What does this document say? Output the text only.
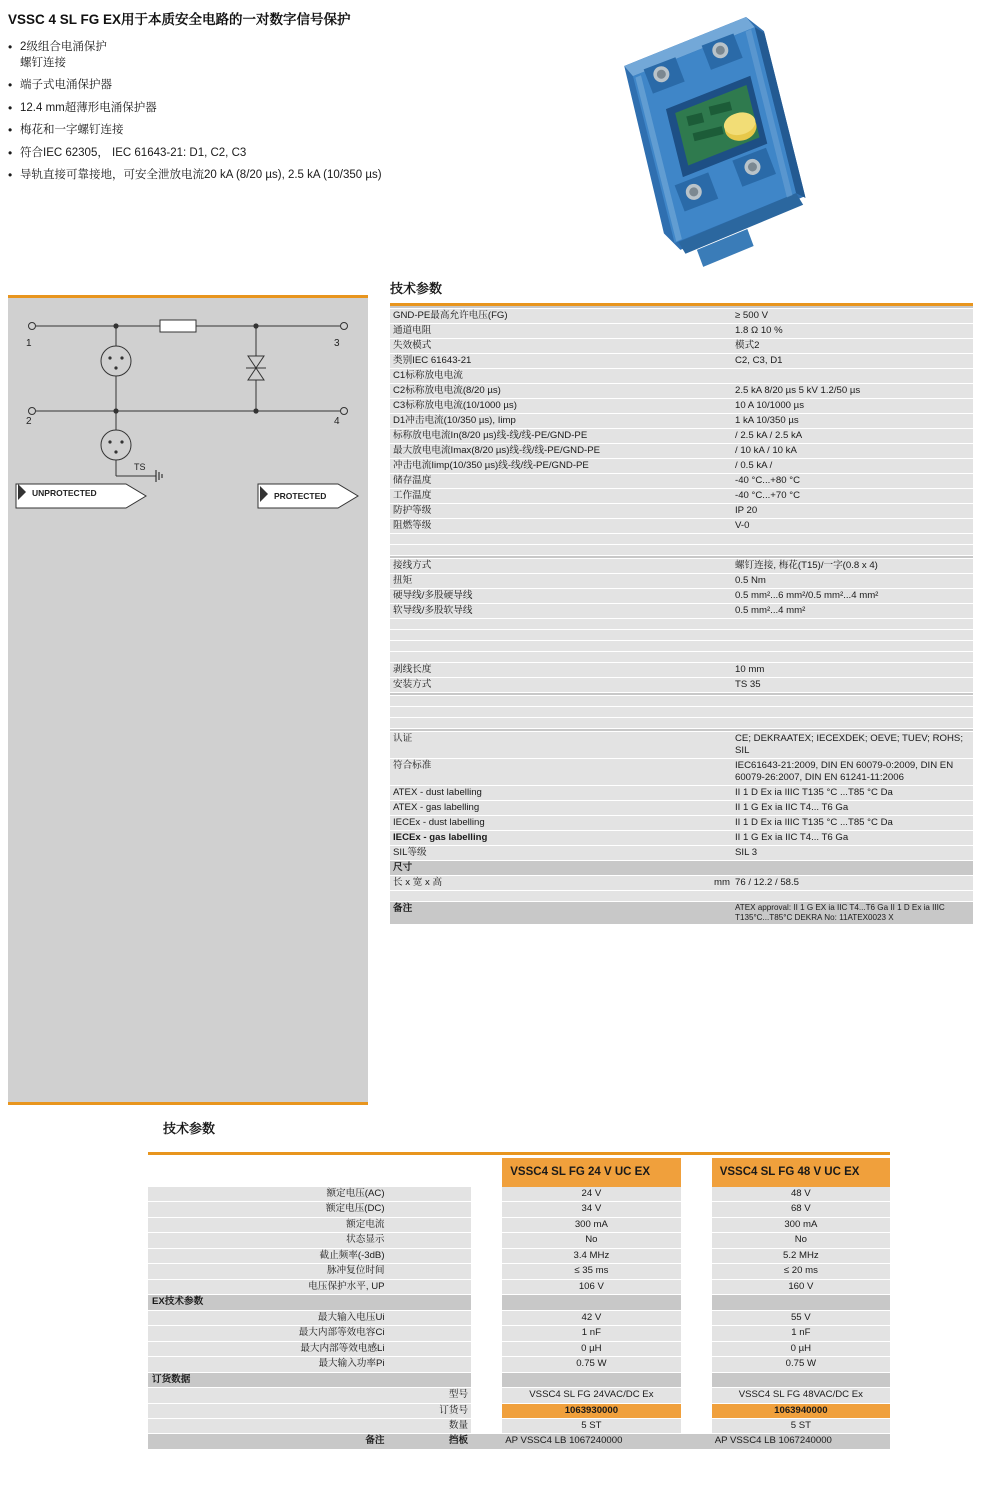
VSSC 4 SL FG EX用于本质安全电路的一对数字信号保护
• 2级组合电涌保护
螺钉连接
• 端子式电涌保护器
• 12.4 mm超薄形电涌保护器
• 梅花和一字螺钉连接
• 符合IEC 62305， IEC 61643-21: D1, C2, C3
• 导轨直接可靠接地，可安全泄放电流20 kA (8/20 µs), 2.5 kA (10/350 µs)
1
2
3
4
TS
UNPROTECTED	PROTECTED
技术参数

GND-PE最高允许电压(FG)		≥ 500 V
通道电阻		1.8 Ω 10 %
失效模式		模式2
类别IEC 61643-21		C2, C3, D1
C1标称放电电流		
C2标称放电电流(8/20 µs)		2.5 kA 8/20 µs 5 kV 1.2/50 µs
C3标称放电电流(10/1000 µs)		10 A 10/1000 µs
D1冲击电流(10/350 µs), Iimp		1 kA 10/350 µs
标称放电电流In(8/20 µs)线-线/线-PE/GND-PE		/ 2.5 kA / 2.5 kA
最大放电电流Imax(8/20 µs)线-线/线-PE/GND-PE		/ 10 kA / 10 kA
冲击电流Iimp(10/350 µs)线-线/线-PE/GND-PE		/ 0.5 kA /
储存温度		-40 °C...+80 °C
工作温度		-40 °C...+70 °C
防护等级		IP 20
阻燃等级		V-0

接线方式		螺钉连接, 梅花(T15)/一字(0.8 x 4)
扭矩		0.5 Nm
硬导线/多股硬导线		0.5 mm²...6 mm²/0.5 mm²...4 mm²
软导线/多股软导线		0.5 mm²...4 mm²

剥线长度		10 mm
安装方式		TS 35

认证		CE; DEKRAATEX; IECEXDEK; OEVE; TUEV; ROHS; SIL
符合标准		IEC61643-21:2009, DIN EN 60079-0:2009, DIN EN 60079-26:2007, DIN EN 61241-11:2006
ATEX - dust labelling		II 1 D Ex ia IIIC T135 °C ...T85 °C Da
ATEX - gas labelling		II 1 G Ex ia IIC T4... T6 Ga
IECEx - dust labelling		II 1 D Ex ia IIIC T135 °C ...T85 °C Da
IECEx - gas labelling		II 1 G Ex ia IIC T4... T6 Ga
SIL等级		SIL 3
尺寸		
长 x 宽 x 高	mm	76 / 12.2 / 58.5

备注		ATEX approval: II 1 G EX ia IIC T4...T6 Ga II 1 D Ex ia IIIC T135°C...T85°C DEKRA No: 11ATEX0023 X
技术参数
			VSSC4 SL FG 24 V UC EX		VSSC4 SL FG 48 V UC EX
额定电压(AC)			24 V		48 V
额定电压(DC)			34 V		68 V
额定电流			300 mA		300 mA
状态显示			No		No
截止频率(-3dB)			3.4 MHz		5.2 MHz
脉冲复位时间			≤ 35 ms		≤ 20 ms
电压保护水平, UP			106 V		160 V
EX技术参数					
最大输入电压Ui			42 V		55 V
最大内部等效电容Ci			1 nF		1 nF
最大内部等效电感Li			0 µH		0 µH
最大输入功率Pi			0.75 W		0.75 W
订货数据					
	型号		VSSC4 SL FG 24VAC/DC Ex		VSSC4 SL FG 48VAC/DC Ex
	订货号		1063930000		1063940000
	数量		5 ST		5 ST
备注	挡板		AP VSSC4 LB 1067240000		AP VSSC4 LB 1067240000
